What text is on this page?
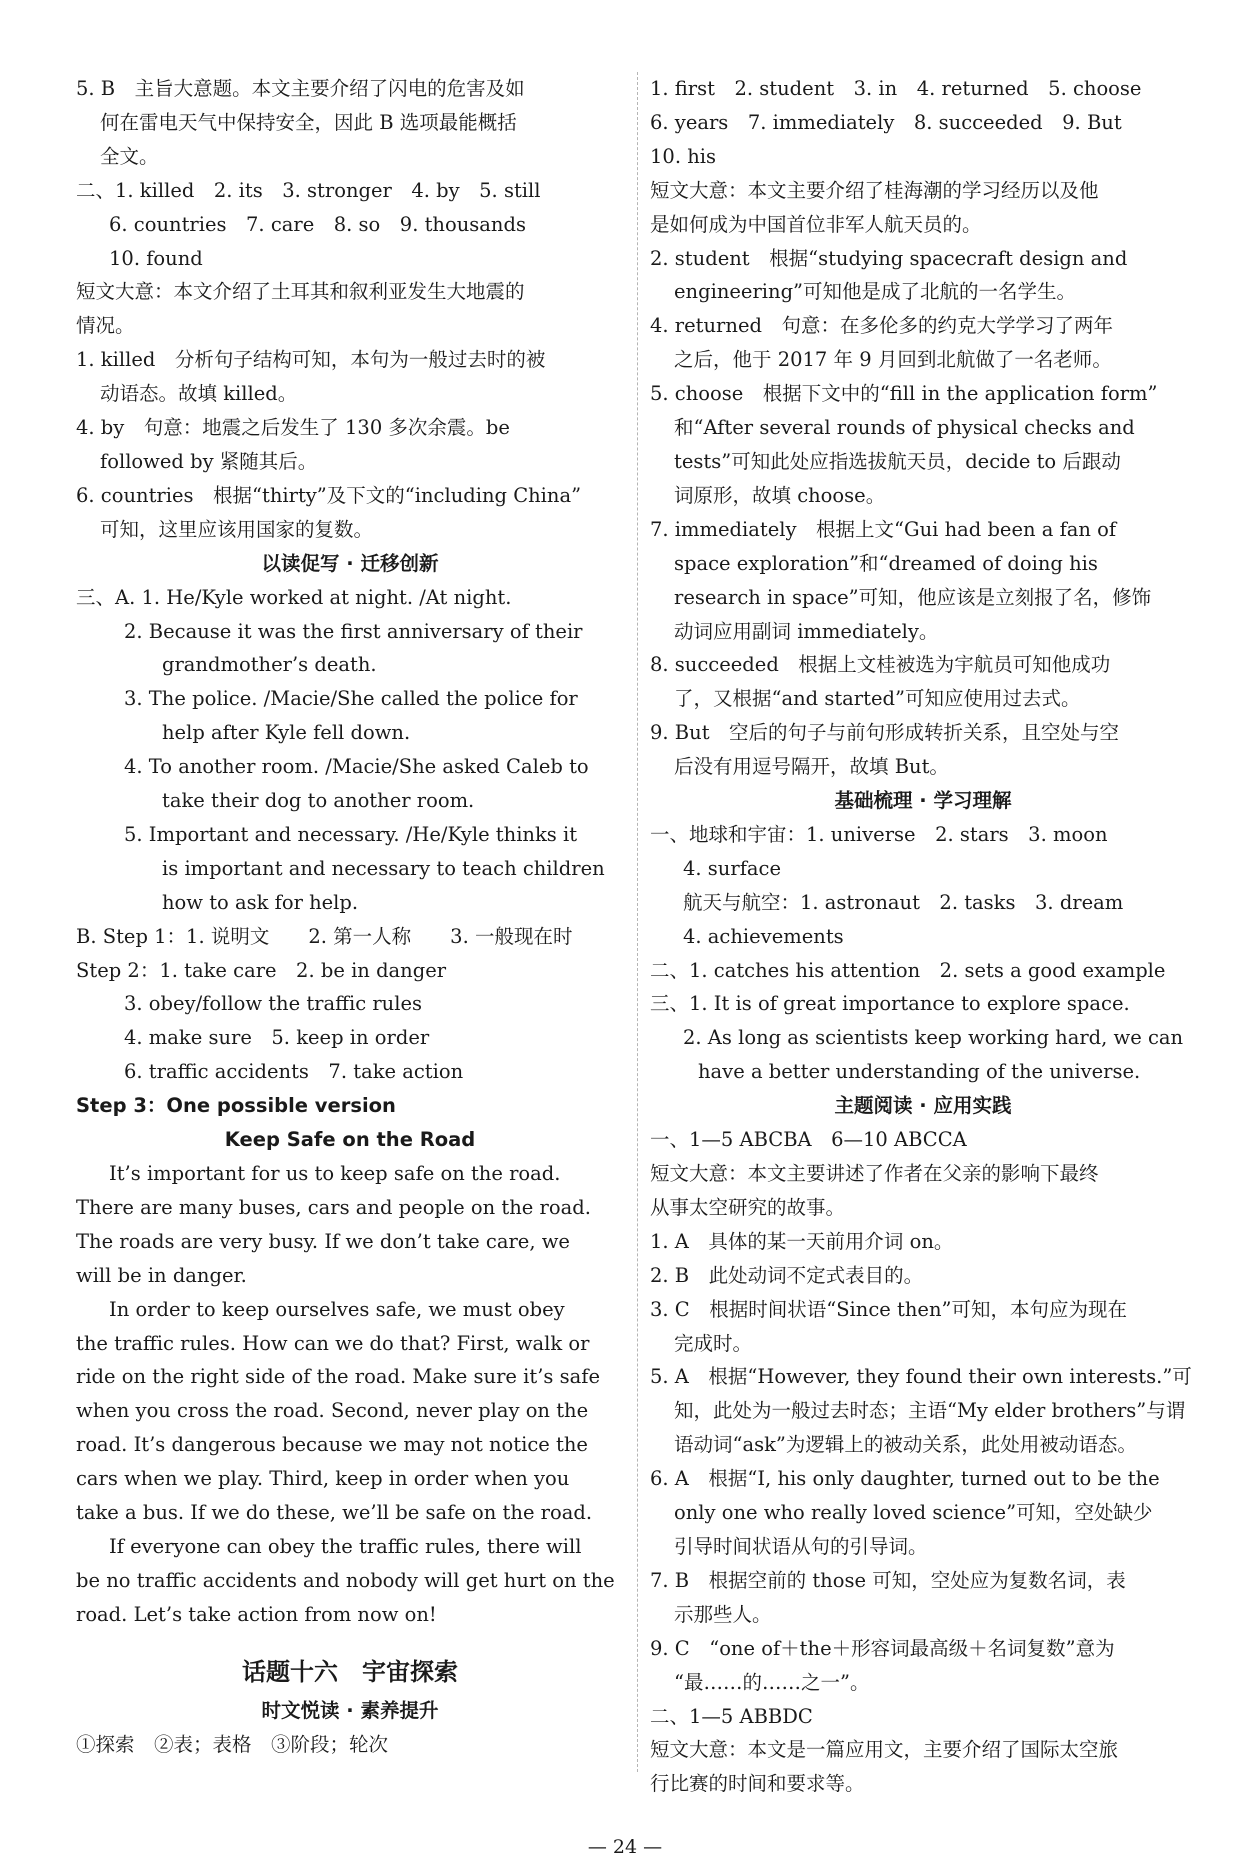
5. B　主旨大意题。本文主要介绍了闪电的危害及如
何在雷电天气中保持安全，因此 B 选项最能概括
全文。
二、1. killed　2. its　3. stronger　4. by　5. still
6. countries　7. care　8. so　9. thousands
10. found
短文大意：本文介绍了土耳其和叙利亚发生大地震的
情况。
1. killed　分析句子结构可知，本句为一般过去时的被
动语态。故填 killed。
4. by　句意：地震之后发生了 130 多次余震。be
followed by 紧随其后。
6. countries　根据“thirty”及下文的“including China”
可知，这里应该用国家的复数。
以读促写 · 迁移创新
三、A. 1. He/Kyle worked at night. /At night.
2. Because it was the first anniversary of their
grandmother’s death.
3. The police. /Macie/She called the police for
help after Kyle fell down.
4. To another room. /Macie/She asked Caleb to
take their dog to another room.
5. Important and necessary. /He/Kyle thinks it
is important and necessary to teach children
how to ask for help.
B. Step 1：1. 说明文　　2. 第一人称　　3. 一般现在时
Step 2：1. take care　2. be in danger
3. obey/follow the traffic rules
4. make sure　5. keep in order
6. traffic accidents　7. take action
Step 3：One possible version
Keep Safe on the Road
It’s important for us to keep safe on the road.
There are many buses, cars and people on the road.
The roads are very busy. If we don’t take care, we
will be in danger.
In order to keep ourselves safe, we must obey
the traffic rules. How can we do that? First, walk or
ride on the right side of the road. Make sure it’s safe
when you cross the road. Second, never play on the
road. It’s dangerous because we may not notice the
cars when we play. Third, keep in order when you
take a bus. If we do these, we’ll be safe on the road.
If everyone can obey the traffic rules, there will
be no traffic accidents and nobody will get hurt on the
road. Let’s take action from now on!
话题十六　宇宙探索
时文悦读 · 素养提升
①探索　②表；表格　③阶段；轮次
1. first　2. student　3. in　4. returned　5. choose
6. years　7. immediately　8. succeeded　9. But
10. his
短文大意：本文主要介绍了桂海潮的学习经历以及他
是如何成为中国首位非军人航天员的。
2. student　根据“studying spacecraft design and
engineering”可知他是成了北航的一名学生。
4. returned　句意：在多伦多的约克大学学习了两年
之后，他于 2017 年 9 月回到北航做了一名老师。
5. choose　根据下文中的“fill in the application form”
和“After several rounds of physical checks and
tests”可知此处应指选拔航天员，decide to 后跟动
词原形，故填 choose。
7. immediately　根据上文“Gui had been a fan of
space exploration”和“dreamed of doing his
research in space”可知，他应该是立刻报了名，修饰
动词应用副词 immediately。
8. succeeded　根据上文桂被选为宇航员可知他成功
了，又根据“and started”可知应使用过去式。
9. But　空后的句子与前句形成转折关系，且空处与空
后没有用逗号隔开，故填 But。
基础梳理 · 学习理解
一、地球和宇宙：1. universe　2. stars　3. moon
4. surface
航天与航空：1. astronaut　2. tasks　3. dream
4. achievements
二、1. catches his attention　2. sets a good example
三、1. It is of great importance to explore space.
2. As long as scientists keep working hard, we can
have a better understanding of the universe.
主题阅读 · 应用实践
一、1—5 ABCBA　6—10 ABCCA
短文大意：本文主要讲述了作者在父亲的影响下最终
从事太空研究的故事。
1. A　具体的某一天前用介词 on。
2. B　此处动词不定式表目的。
3. C　根据时间状语“Since then”可知，本句应为现在
完成时。
5. A　根据“However, they found their own interests.”可
知，此处为一般过去时态；主语“My elder brothers”与谓
语动词“ask”为逻辑上的被动关系，此处用被动语态。
6. A　根据“I, his only daughter, turned out to be the
only one who really loved science”可知，空处缺少
引导时间状语从句的引导词。
7. B　根据空前的 those 可知，空处应为复数名词，表
示那些人。
9. C　“one of＋the＋形容词最高级＋名词复数”意为
“最……的……之一”。
二、1—5 ABBDC
短文大意：本文是一篇应用文，主要介绍了国际太空旅
行比赛的时间和要求等。
— 24 —
